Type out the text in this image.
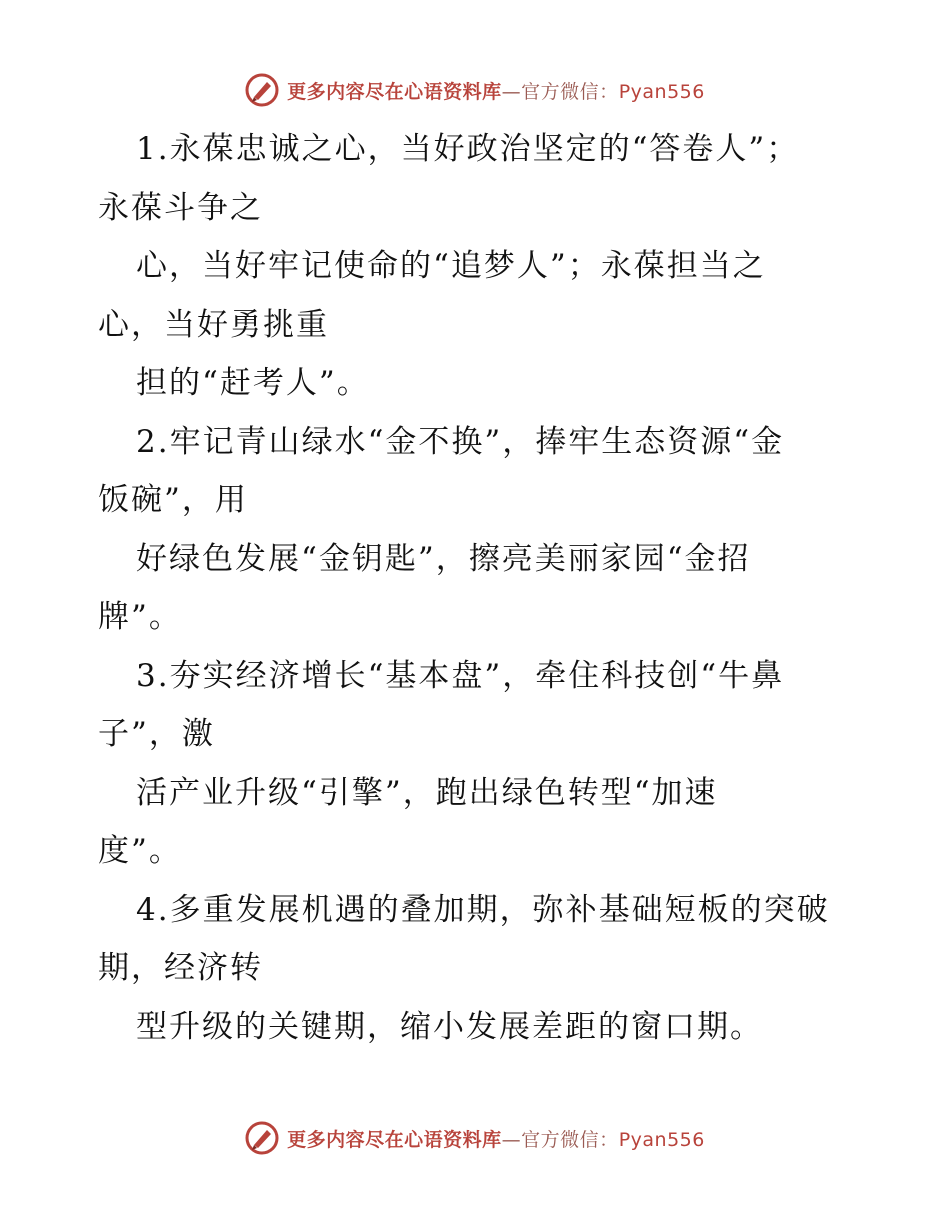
更多内容尽在心语资料库—官方微信：Pyan556
1.永葆忠诚之心，当好政治坚定的“答卷人”；
永葆斗争之
心，当好牢记使命的“追梦人”；永葆担当之
心，当好勇挑重
担的“赶考人”。
2.牢记青山绿水“金不换”，捧牢生态资源“金
饭碗”，用
好绿色发展“金钥匙”，擦亮美丽家园“金招
牌”。
3.夯实经济增长“基本盘”，牵住科技创“牛鼻
子”，激
活产业升级“引擎”，跑出绿色转型“加速
度”。
4.多重发展机遇的叠加期，弥补基础短板的突破
期，经济转
型升级的关键期，缩小发展差距的窗口期。
更多内容尽在心语资料库—官方微信：Pyan556
